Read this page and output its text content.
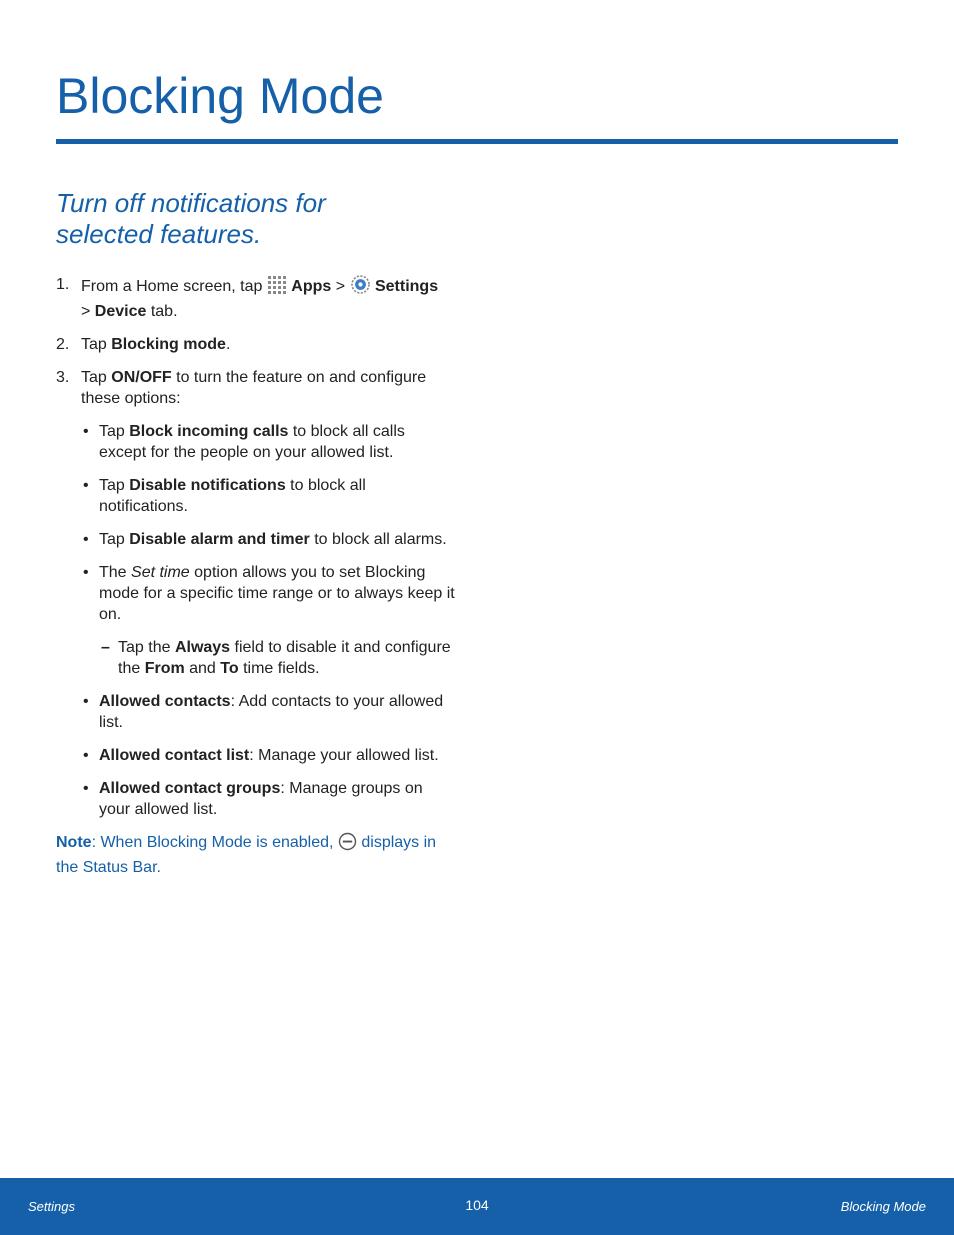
Blocking Mode
Turn off notifications for selected features.
1. From a Home screen, tap  Apps >  Settings
> Device tab.
2. Tap Blocking mode.
3. Tap ON/OFF to turn the feature on and configure these options:
• Tap Block incoming calls to block all calls except for the people on your allowed list.
• Tap Disable notifications to block all notifications.
• Tap Disable alarm and timer to block all alarms.
• The Set time option allows you to set Blocking mode for a specific time range or to always keep it on.
– Tap the Always field to disable it and configure the From and To time fields.
• Allowed contacts: Add contacts to your allowed list.
• Allowed contact list: Manage your allowed list.
• Allowed contact groups: Manage groups on your allowed list.

Note: When Blocking Mode is enabled,  displays in the Status Bar.

Settings	104	Blocking Mode
